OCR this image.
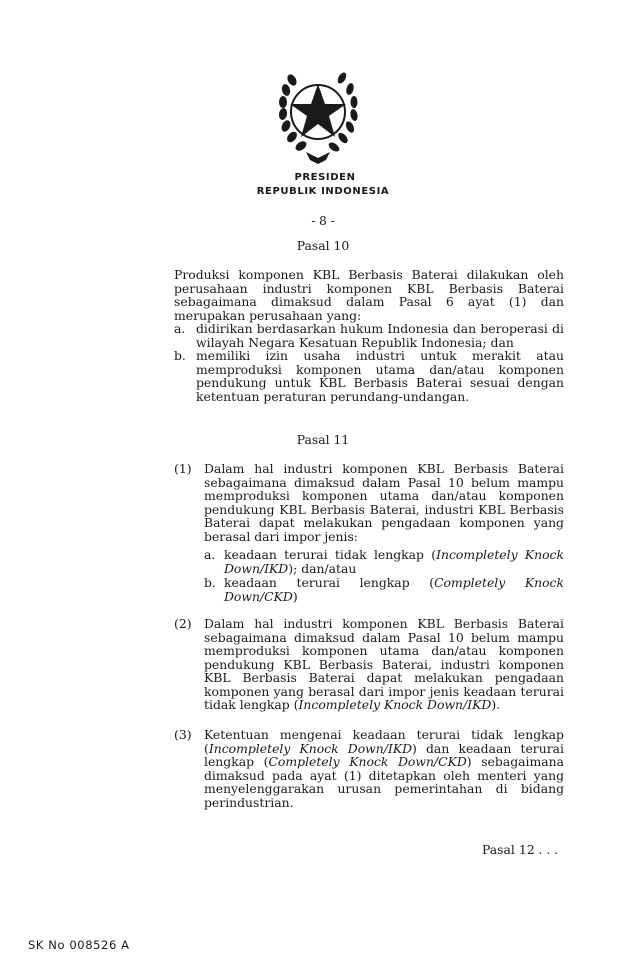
PRESIDEN
REPUBLIK INDONESIA
- 8 -
Pasal 10
Produksi komponen KBL Berbasis Baterai dilakukan oleh perusahaan industri komponen KBL Berbasis Baterai sebagaimana dimaksud dalam Pasal 6 ayat (1) dan merupakan perusahaan yang:
a. didirikan berdasarkan hukum Indonesia dan beroperasi di wilayah Negara Kesatuan Republik Indonesia; dan
b. memiliki izin usaha industri untuk merakit atau memproduksi komponen utama dan/atau komponen pendukung untuk KBL Berbasis Baterai sesuai dengan ketentuan peraturan perundang-undangan.
Pasal 11
(1) Dalam hal industri komponen KBL Berbasis Baterai sebagaimana dimaksud dalam Pasal 10 belum mampu memproduksi komponen utama dan/atau komponen pendukung KBL Berbasis Baterai, industri KBL Berbasis Baterai dapat melakukan pengadaan komponen yang berasal dari impor jenis:
a. keadaan terurai tidak lengkap (Incompletely Knock Down/IKD); dan/atau
b. keadaan terurai lengkap (Completely Knock Down/CKD)
(2) Dalam hal industri komponen KBL Berbasis Baterai sebagaimana dimaksud dalam Pasal 10 belum mampu memproduksi komponen utama dan/atau komponen pendukung KBL Berbasis Baterai, industri komponen KBL Berbasis Baterai dapat melakukan pengadaan komponen yang berasal dari impor jenis keadaan terurai tidak lengkap (Incompletely Knock Down/IKD).
(3) Ketentuan mengenai keadaan terurai tidak lengkap (Incompletely Knock Down/IKD) dan keadaan terurai lengkap (Completely Knock Down/CKD) sebagaimana dimaksud pada ayat (1) ditetapkan oleh menteri yang menyelenggarakan urusan pemerintahan di bidang perindustrian.
Pasal 12 . . .
SK No 008526 A
